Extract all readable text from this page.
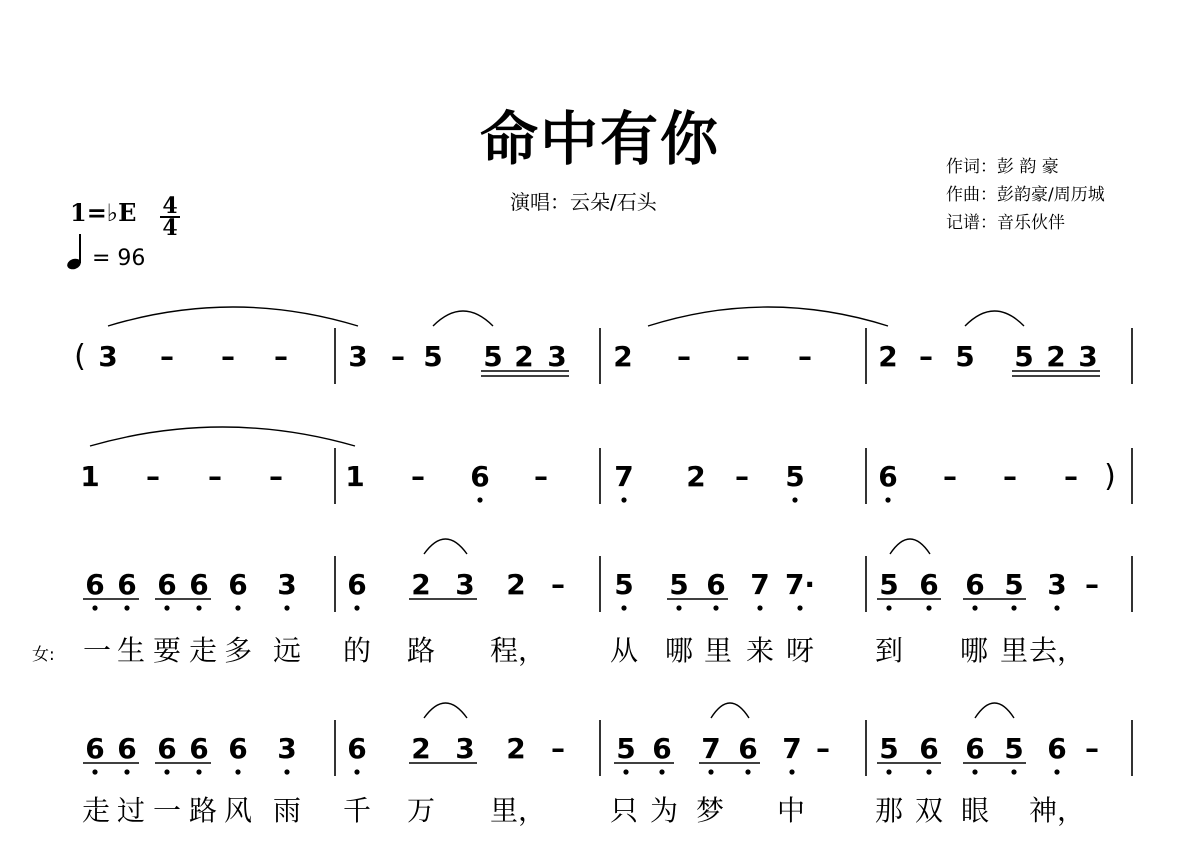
命中有你
演唱：云朵/石头
作词：彭 韵 豪
作曲：彭韵豪/周历城
记谱：音乐伙伴
1=♭E 4
4
= 96
女:
( 3 – – – 3 – 5 5 2 3 2 – – – 2 – 5 5 2 3
1 – – – 1 – 6 – 7 2 – 5	6 – – – )
6 6 6 6 6 3 6 2 3 2 – 5 5 6 7 7· 5 6 6 5 3 –
6 6 6 6 6 3 6 2 3 2 – 5 6 7 6 7 – 5 6 6 5 6 –
一 生 要 走 多 远 的 路 程， 从 哪 里 来 呀 到 哪 里 去，
走 过 一 路 风 雨 千 万 里， 只 为 梦 中 那 双 眼 神，
